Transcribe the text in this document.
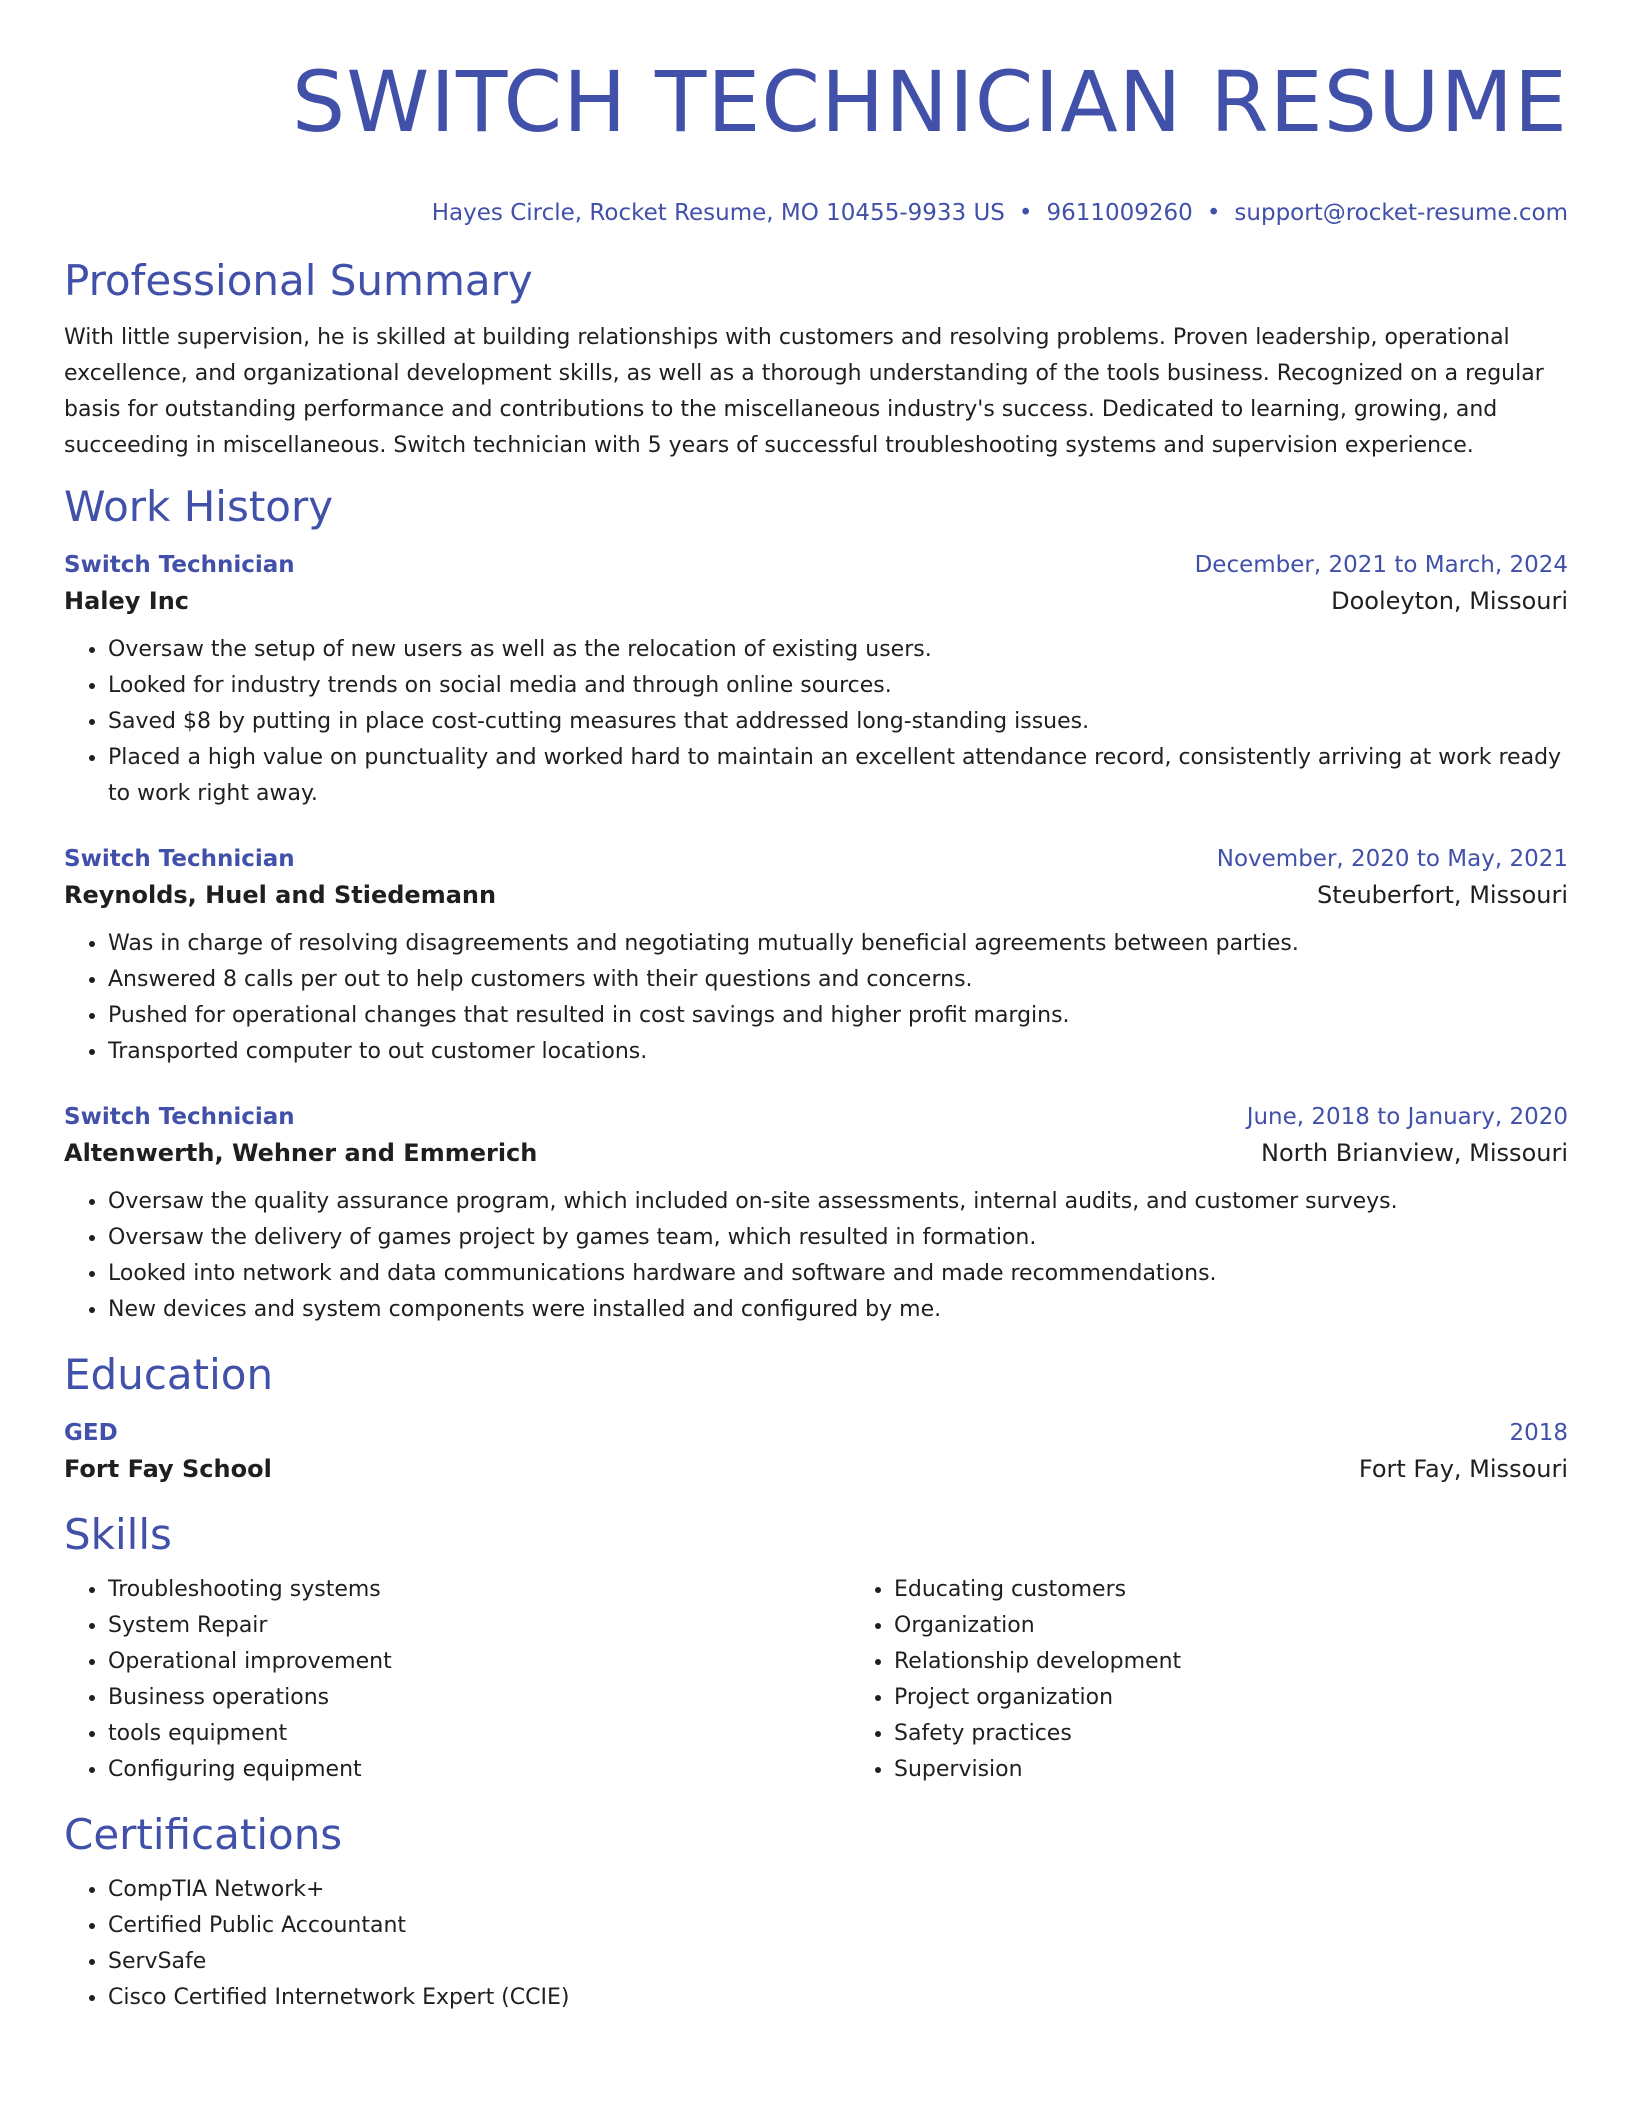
SWITCH TECHNICIAN RESUME
Hayes Circle, Rocket Resume, MO 10455-9933 US • 9611009260 • support@rocket-resume.com
Professional Summary

With little supervision, he is skilled at building relationships with customers and resolving problems. Proven leadership, operational excellence, and organizational development skills, as well as a thorough understanding of the tools business. Recognized on a regular basis for outstanding performance and contributions to the miscellaneous industry's success. Dedicated to learning, growing, and succeeding in miscellaneous. Switch technician with 5 years of successful troubleshooting systems and supervision experience.

Work History
Switch Technician	December, 2021 to March, 2024
Haley Inc	Dooleyton, Missouri
• Oversaw the setup of new users as well as the relocation of existing users.
• Looked for industry trends on social media and through online sources.
• Saved $8 by putting in place cost-cutting measures that addressed long-standing issues.
• Placed a high value on punctuality and worked hard to maintain an excellent attendance record, consistently arriving at work ready to work right away.
Switch Technician	November, 2020 to May, 2021
Reynolds, Huel and Stiedemann	Steuberfort, Missouri
• Was in charge of resolving disagreements and negotiating mutually beneficial agreements between parties.
• Answered 8 calls per out to help customers with their questions and concerns.
• Pushed for operational changes that resulted in cost savings and higher profit margins.
• Transported computer to out customer locations.
Switch Technician	June, 2018 to January, 2020
Altenwerth, Wehner and Emmerich	North Brianview, Missouri
• Oversaw the quality assurance program, which included on-site assessments, internal audits, and customer surveys.
• Oversaw the delivery of games project by games team, which resulted in formation.
• Looked into network and data communications hardware and software and made recommendations.
• New devices and system components were installed and configured by me.
Education
GED	2018
Fort Fay School	Fort Fay, Missouri
Skills
• Troubleshooting systems
• System Repair
• Operational improvement
• Business operations
• tools equipment
• Configuring equipment
• Educating customers
• Organization
• Relationship development
• Project organization
• Safety practices
• Supervision
Certifications
• CompTIA Network+
• Certified Public Accountant
• ServSafe
• Cisco Certified Internetwork Expert (CCIE)
